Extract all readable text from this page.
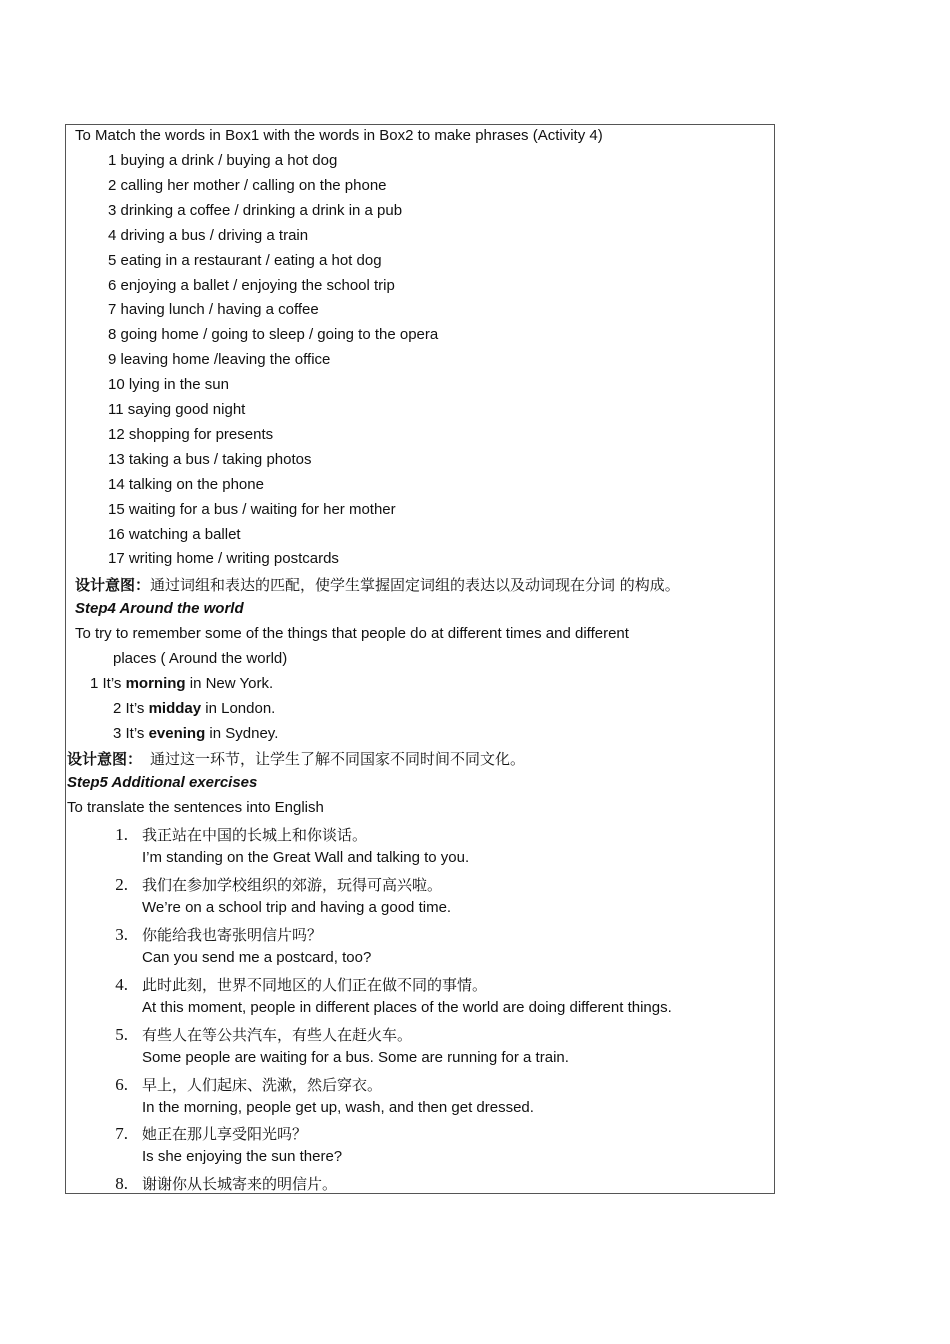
To Match the words in Box1 with the words in Box2 to make phrases (Activity 4)
1 buying a drink / buying a hot dog
2 calling her mother / calling on the phone
3 drinking a coffee / drinking a drink in a pub
4 driving a bus / driving a train
5 eating in a restaurant / eating a hot dog
6 enjoying a ballet / enjoying the school trip
7 having lunch / having a coffee
8 going home / going to sleep / going to the opera
9 leaving home /leaving the office
10 lying in the sun
11 saying good night
12 shopping for presents
13 taking a bus / taking photos
14 talking on the phone
15 waiting for a bus / waiting for her mother
16 watching a ballet
17 writing home / writing postcards
设计意图：通过词组和表达的匹配，使学生掌握固定词组的表达以及动词现在分词 的构成。
Step4 Around the world
To try to remember some of the things that people do at different times and different
places ( Around the world)
1 It’s morning in New York.
2 It’s midday in London.
3 It’s evening in Sydney.
设计意图： 通过这一环节，让学生了解不同国家不同时间不同文化。
Step5 Additional exercises
To translate the sentences into English
1. 我正站在中国的长城上和你谈话。
I’m standing on the Great Wall and talking to you.
2. 我们在参加学校组织的郊游，玩得可高兴啦。
We’re on a school trip and having a good time.
3. 你能给我也寄张明信片吗？
Can you send me a postcard, too?
4. 此时此刻，世界不同地区的人们正在做不同的事情。
At this moment, people in different places of the world are doing different things.
5. 有些人在等公共汽车，有些人在赶火车。
Some people are waiting for a bus. Some are running for a train.
6. 早上，人们起床、洗漱，然后穿衣。
In the morning, people get up, wash, and then get dressed.
7. 她正在那儿享受阳光吗？
Is she enjoying the sun there?
8. 谢谢你从长城寄来的明信片。
